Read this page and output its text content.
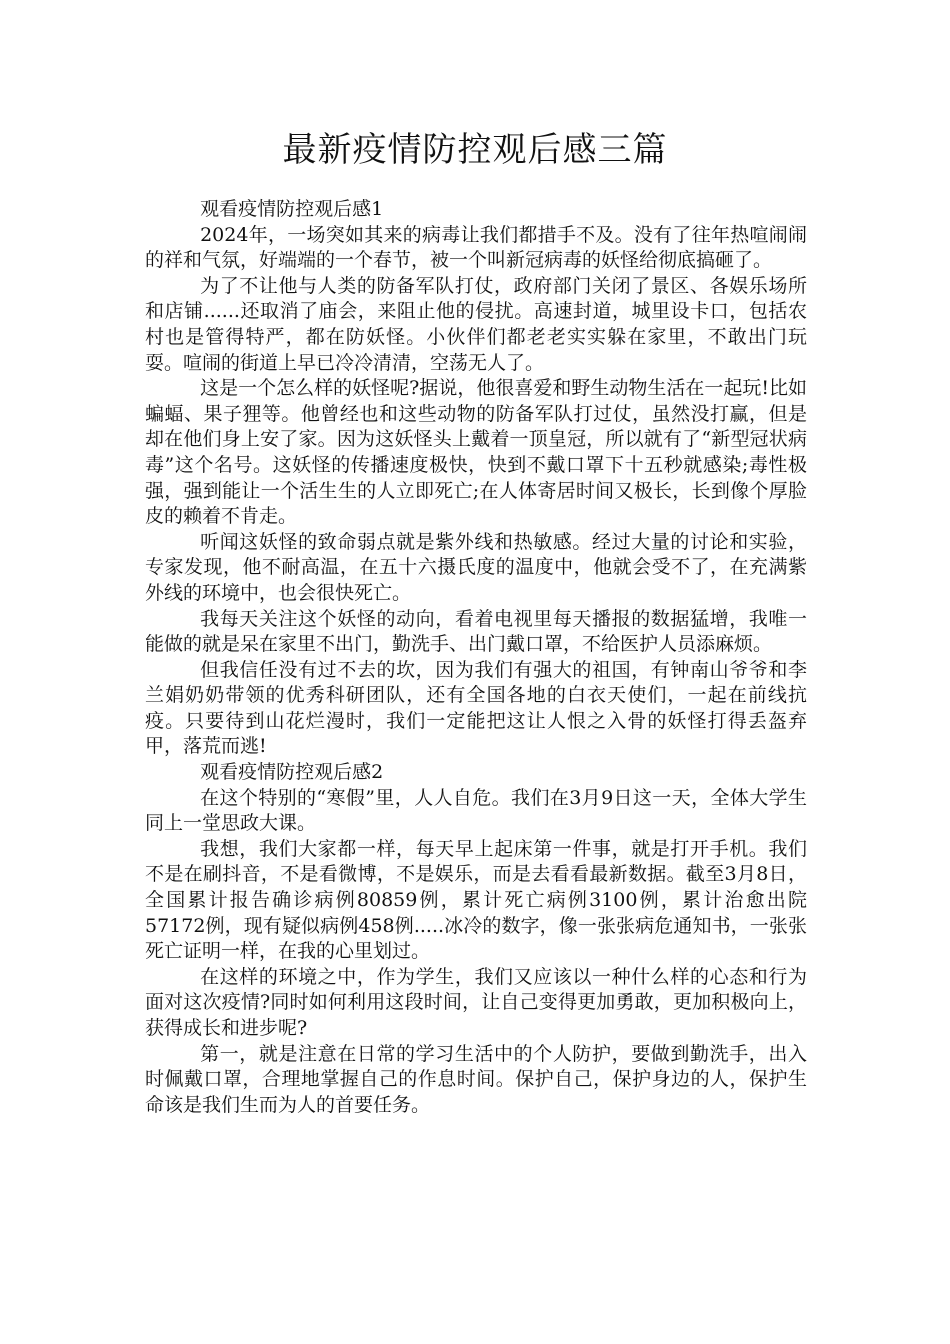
最新疫情防控观后感三篇

观看疫情防控观后感1

2024年，一场突如其来的病毒让我们都措手不及。没有了往年热喧闹闹的祥和气氛，好端端的一个春节，被一个叫新冠病毒的妖怪给彻底搞砸了。

为了不让他与人类的防备军队打仗，政府部门关闭了景区、各娱乐场所和店铺......还取消了庙会，来阻止他的侵扰。高速封道，城里设卡口，包括农村也是管得特严，都在防妖怪。小伙伴们都老老实实躲在家里，不敢出门玩耍。喧闹的街道上早已冷冷清清，空荡无人了。

这是一个怎么样的妖怪呢?据说，他很喜爱和野生动物生活在一起玩!比如蝙蝠、果子狸等。他曾经也和这些动物的防备军队打过仗，虽然没打赢，但是却在他们身上安了家。因为这妖怪头上戴着一顶皇冠，所以就有了“新型冠状病毒”这个名号。这妖怪的传播速度极快，快到不戴口罩下十五秒就感染;毒性极强，强到能让一个活生生的人立即死亡;在人体寄居时间又极长，长到像个厚脸皮的赖着不肯走。

听闻这妖怪的致命弱点就是紫外线和热敏感。经过大量的讨论和实验，专家发现，他不耐高温，在五十六摄氏度的温度中，他就会受不了，在充满紫外线的环境中，也会很快死亡。

我每天关注这个妖怪的动向，看着电视里每天播报的数据猛增，我唯一能做的就是呆在家里不出门，勤洗手、出门戴口罩，不给医护人员添麻烦。

但我信任没有过不去的坎，因为我们有强大的祖国，有钟南山爷爷和李兰娟奶奶带领的优秀科研团队，还有全国各地的白衣天使们，一起在前线抗疫。只要待到山花烂漫时，我们一定能把这让人恨之入骨的妖怪打得丢盔弃甲，落荒而逃!

观看疫情防控观后感2

在这个特别的“寒假”里，人人自危。我们在3月9日这一天，全体大学生同上一堂思政大课。

我想，我们大家都一样，每天早上起床第一件事，就是打开手机。我们不是在刷抖音，不是看微博，不是娱乐，而是去看看最新数据。截至3月8日，全国累计报告确诊病例80859例，累计死亡病例3100例，累计治愈出院57172例，现有疑似病例458例.....冰冷的数字，像一张张病危通知书，一张张死亡证明一样，在我的心里划过。

在这样的环境之中，作为学生，我们又应该以一种什么样的心态和行为面对这次疫情?同时如何利用这段时间，让自己变得更加勇敢，更加积极向上，获得成长和进步呢?

第一，就是注意在日常的学习生活中的个人防护，要做到勤洗手，出入时佩戴口罩，合理地掌握自己的作息时间。保护自己，保护身边的人，保护生命该是我们生而为人的首要任务。
